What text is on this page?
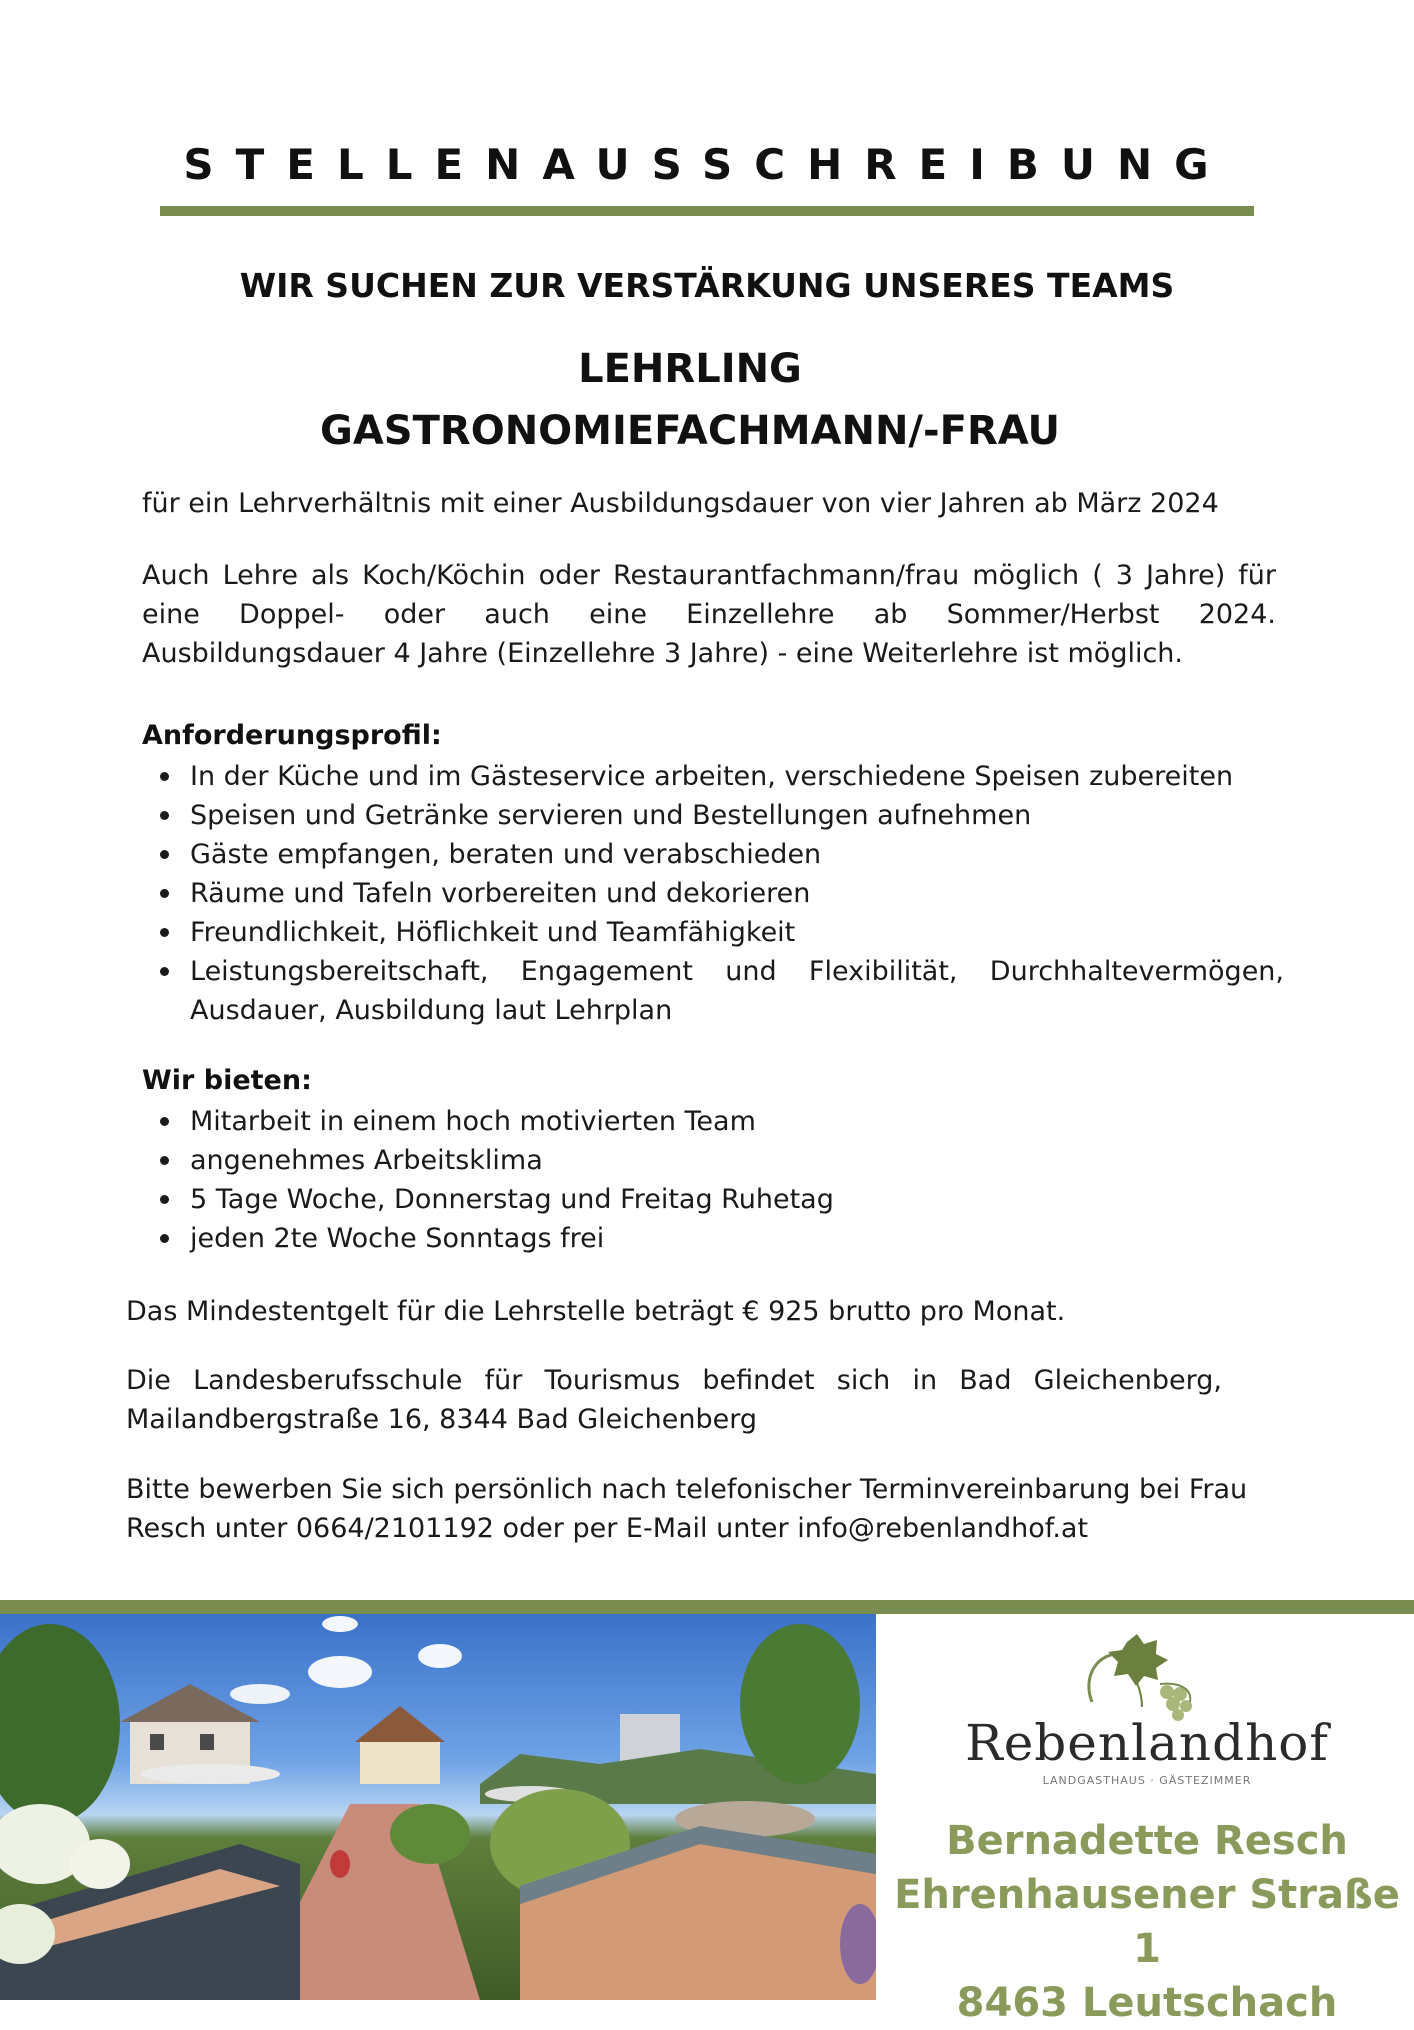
STELLENAUSSCHREIBUNG
WIR SUCHEN ZUR VERSTÄRKUNG UNSERES TEAMS
LEHRLING
GASTRONOMIEFACHMANN/-FRAU
für ein Lehrverhältnis mit einer Ausbildungsdauer von vier Jahren ab März 2024
Auch Lehre als Koch/Köchin oder Restaurantfachmann/frau möglich ( 3 Jahre) für eine Doppel- oder auch eine Einzellehre ab Sommer/Herbst 2024. Ausbildungsdauer 4 Jahre (Einzellehre 3 Jahre) - eine Weiterlehre ist möglich.
Anforderungsprofil:
In der Küche und im Gästeservice arbeiten, verschiedene Speisen zubereiten
Speisen und Getränke servieren und Bestellungen aufnehmen
Gäste empfangen, beraten und verabschieden
Räume und Tafeln vorbereiten und dekorieren
Freundlichkeit, Höflichkeit und Teamfähigkeit
Leistungsbereitschaft, Engagement und Flexibilität, Durchhaltevermögen, Ausdauer, Ausbildung laut Lehrplan
Wir bieten:
Mitarbeit in einem hoch motivierten Team
angenehmes Arbeitsklima
5 Tage Woche, Donnerstag und Freitag Ruhetag
jeden 2te Woche Sonntags frei
Das Mindestentgelt für die Lehrstelle beträgt € 925 brutto pro Monat.
Die Landesberufsschule für Tourismus befindet sich in Bad Gleichenberg, Mailandbergstraße 16, 8344 Bad Gleichenberg
Bitte bewerben Sie sich persönlich nach telefonischer Terminvereinbarung bei Frau Resch unter 0664/2101192 oder per E-Mail unter info@rebenlandhof.at
Rebenlandhof
LANDGASTHAUS · GÄSTEZIMMER
Bernadette Resch
Ehrenhausener Straße 1
8463 Leutschach
